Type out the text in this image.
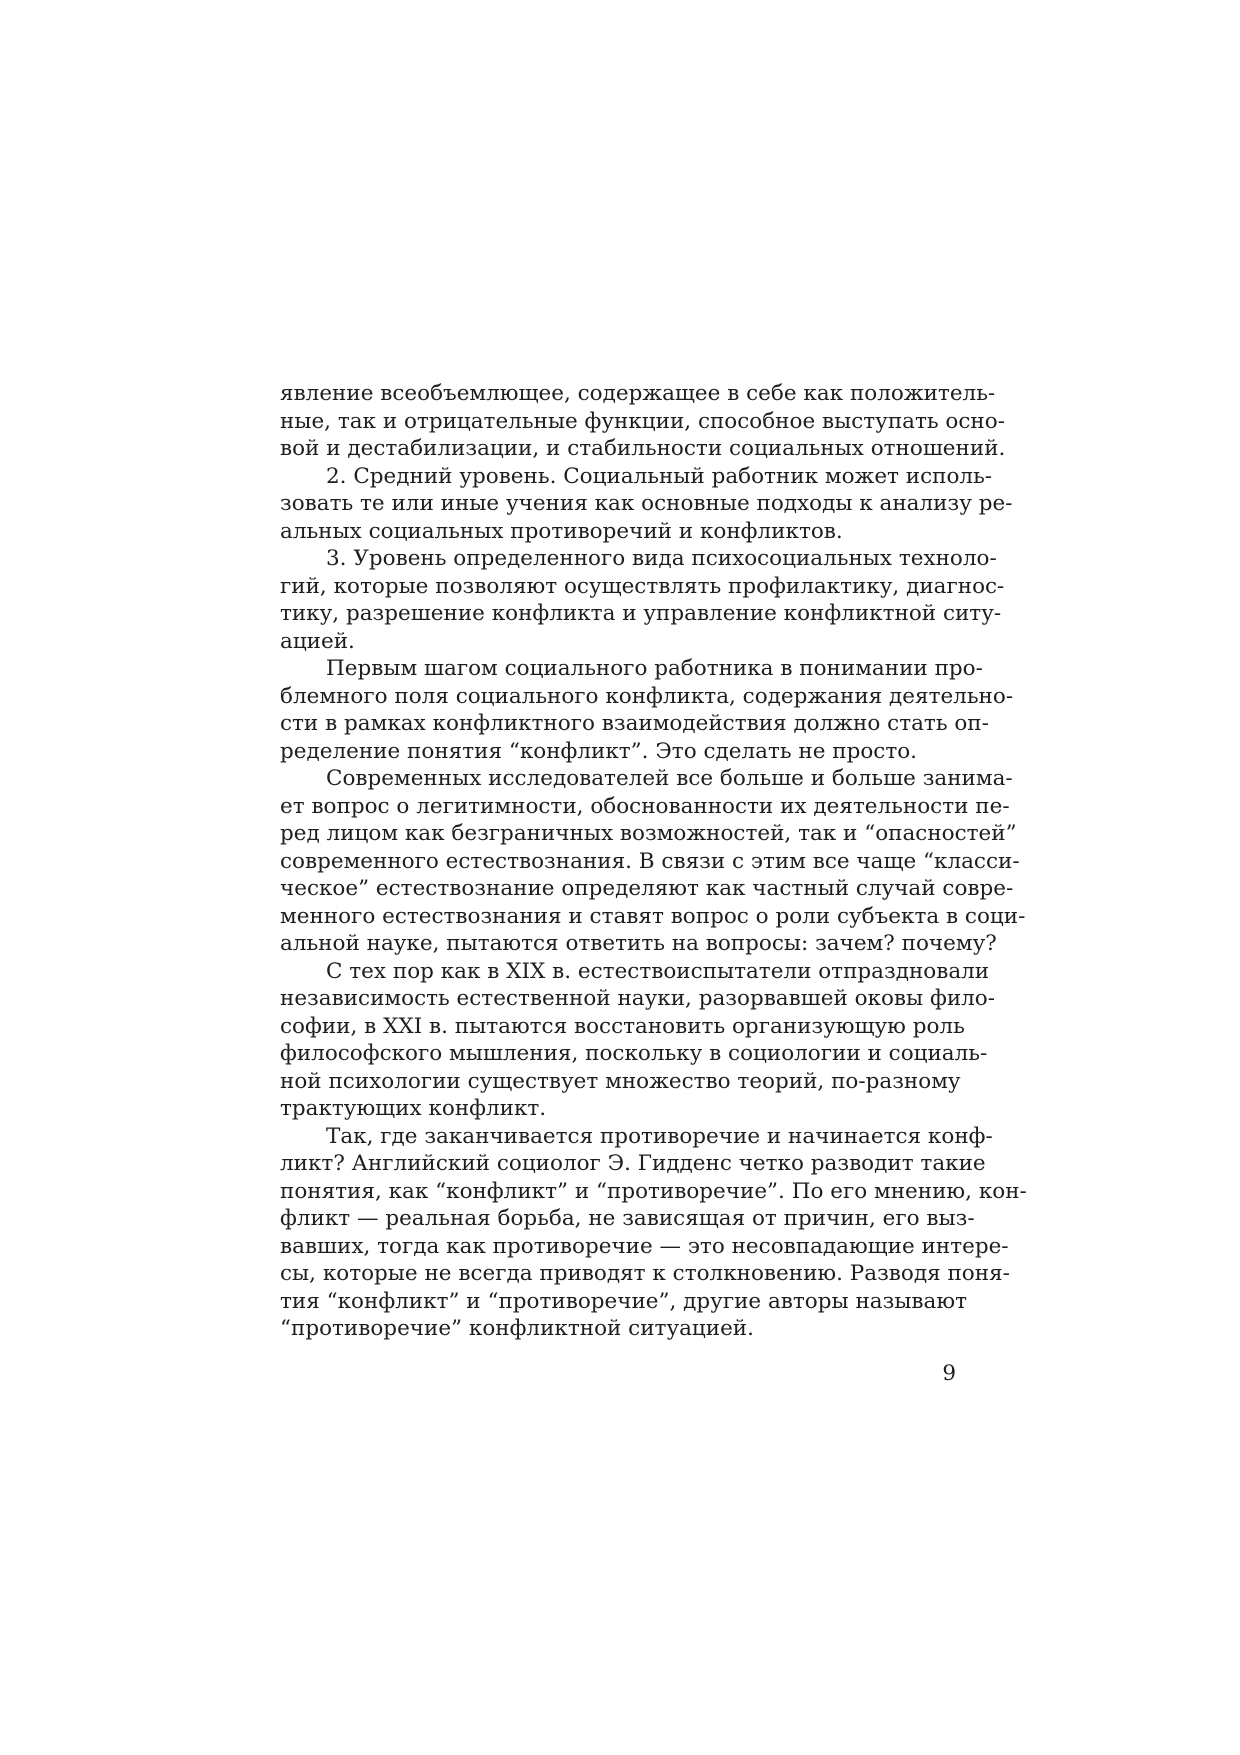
явление всеобъемлющее, содержащее в себе как положитель-
ные, так и отрицательные функции, способное выступать осно-
вой и дестабилизации, и стабильности социальных отношений.
2. Средний уровень. Социальный работник может исполь-
зовать те или иные учения как основные подходы к анализу ре-
альных социальных противоречий и конфликтов.
3. Уровень определенного вида психосоциальных техноло-
гий, которые позволяют осуществлять профилактику, диагнос-
тику, разрешение конфликта и управление конфликтной ситу-
ацией.
Первым шагом социального работника в понимании про-
блемного поля социального конфликта, содержания деятельно-
сти в рамках конфликтного взаимодействия должно стать оп-
ределение понятия “конфликт”. Это сделать не просто.
Современных исследователей все больше и больше занима-
ет вопрос о легитимности, обоснованности их деятельности пе-
ред лицом как безграничных возможностей, так и “опасностей”
современного естествознания. В связи с этим все чаще “класси-
ческое” естествознание определяют как частный случай совре-
менного естествознания и ставят вопрос о роли субъекта в соци-
альной науке, пытаются ответить на вопросы: зачем? почему?
С тех пор как в XIX в. естествоиспытатели отпраздновали
независимость естественной науки, разорвавшей оковы фило-
софии, в XXI в. пытаются восстановить организующую роль
философского мышления, поскольку в социологии и социаль-
ной психологии существует множество теорий, по-разному
трактующих конфликт.
Так, где заканчивается противоречие и начинается конф-
ликт? Английский социолог Э. Гидденс четко разводит такие
понятия, как “конфликт” и “противоречие”. По его мнению, кон-
фликт — реальная борьба, не зависящая от причин, его выз-
вавших, тогда как противоречие — это несовпадающие интере-
сы, которые не всегда приводят к столкновению. Разводя поня-
тия “конфликт” и “противоречие”, другие авторы называют
“противоречие” конфликтной ситуацией.
9
